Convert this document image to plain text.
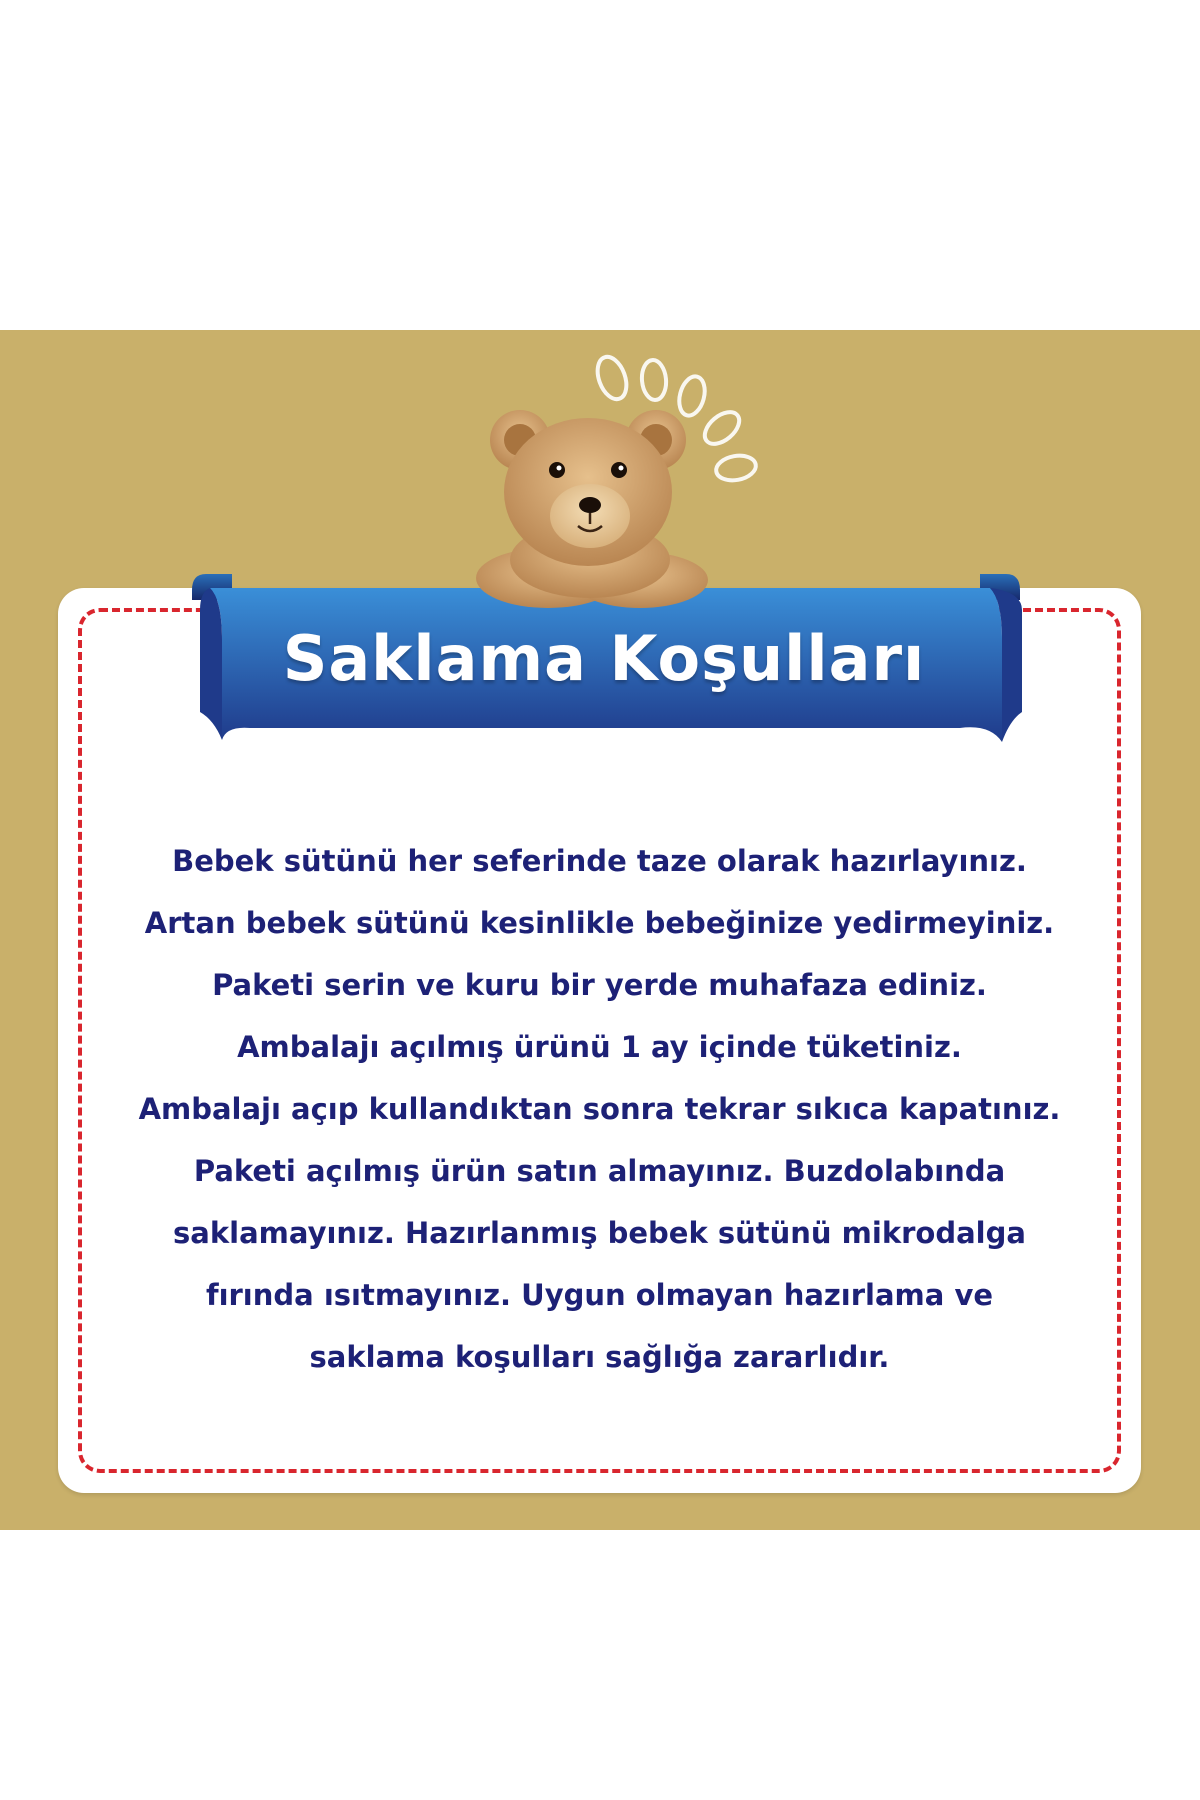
Saklama Koşulları
Bebek sütünü her seferinde taze olarak hazırlayınız.
Artan bebek sütünü kesinlikle bebeğinize yedirmeyiniz.
Paketi serin ve kuru bir yerde muhafaza ediniz.
Ambalajı açılmış ürünü 1 ay içinde tüketiniz.
Ambalajı açıp kullandıktan sonra tekrar sıkıca kapatınız.
Paketi açılmış ürün satın almayınız. Buzdolabında
saklamayınız. Hazırlanmış bebek sütünü mikrodalga
fırında ısıtmayınız. Uygun olmayan hazırlama ve
saklama koşulları sağlığa zararlıdır.
